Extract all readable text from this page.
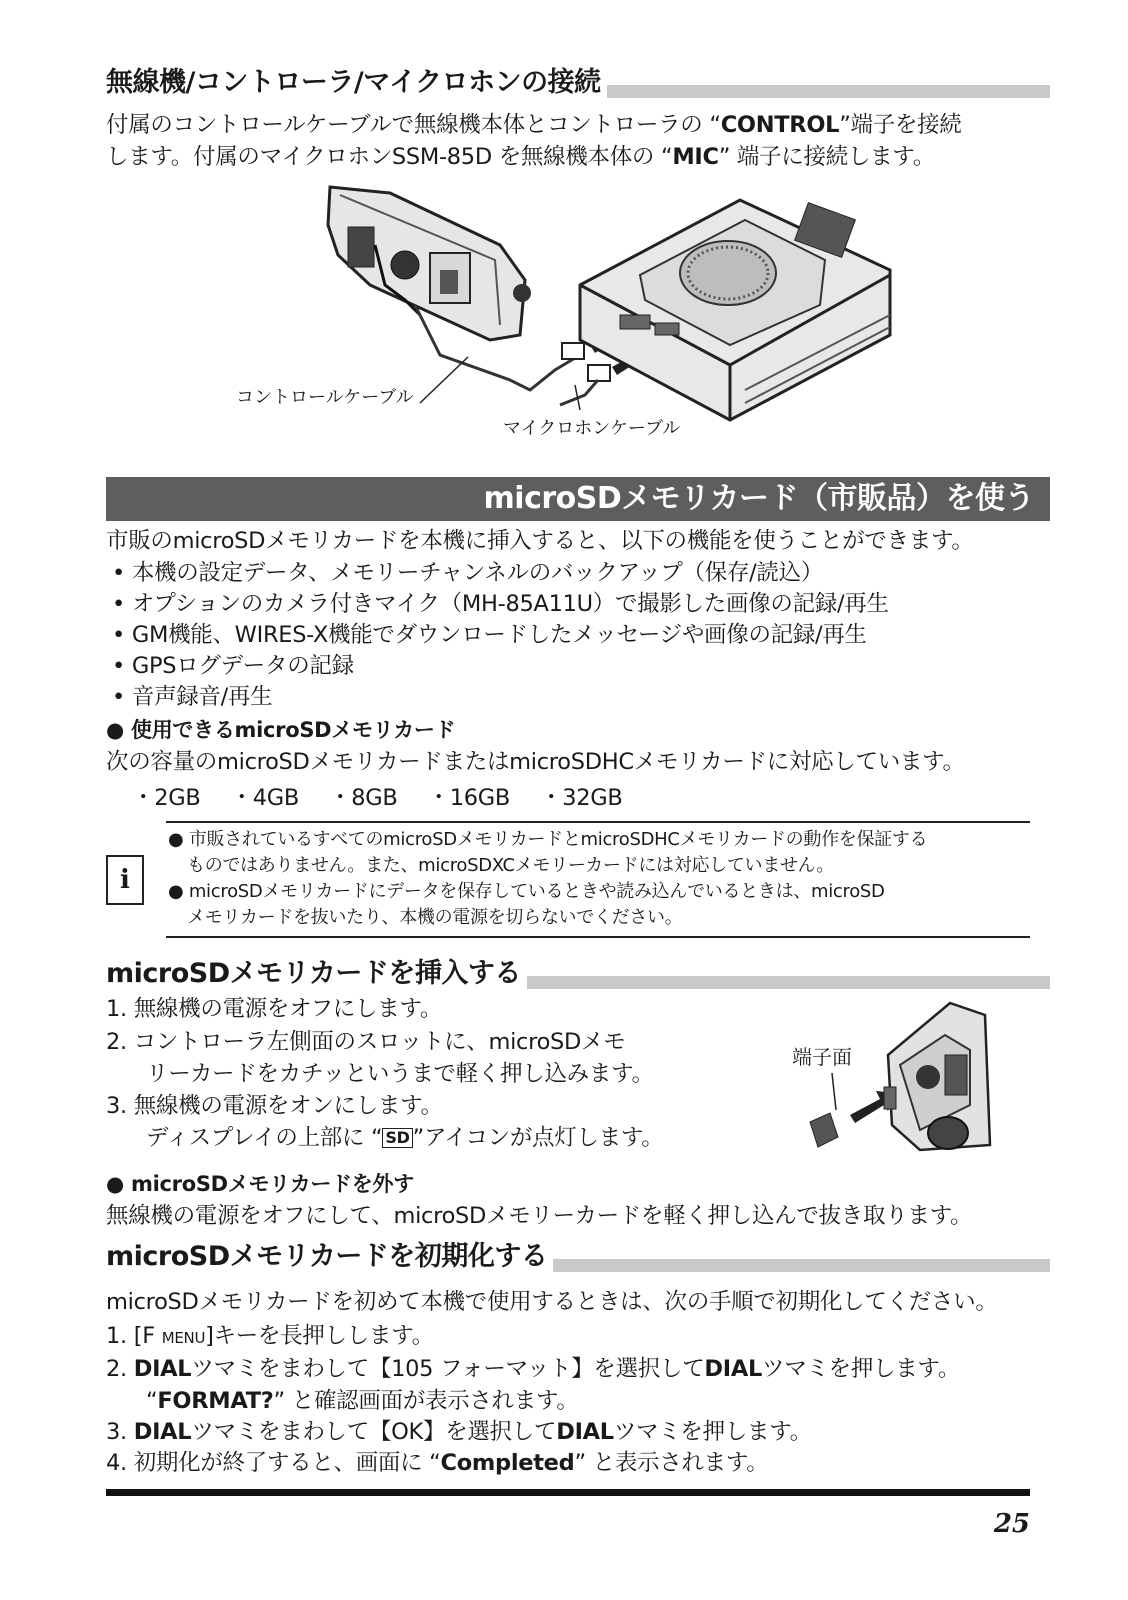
無線機/コントローラ/マイクロホンの接続
付属のコントロールケーブルで無線機本体とコントローラの “CONTROL”端子を接続
します。付属のマイクロホンSSM-85D を無線機本体の “MIC” 端子に接続します。
コントロールケーブル
マイクロホンケーブル
microSDメモリカード（市販品）を使う
市販のmicroSDメモリカードを本機に挿入すると、以下の機能を使うことができます。
• 本機の設定データ、メモリーチャンネルのバックアップ（保存/読込）
• オプションのカメラ付きマイク（MH-85A11U）で撮影した画像の記録/再生
• GM機能、WIRES-X機能でダウンロードしたメッセージや画像の記録/再生
• GPSログデータの記録
• 音声録音/再生
● 使用できるmicroSDメモリカード
次の容量のmicroSDメモリカードまたはmicroSDHCメモリカードに対応しています。
・2GB ・4GB ・8GB ・16GB ・32GB
i
● 市販されているすべてのmicroSDメモリカードとmicroSDHCメモリカードの動作を保証する
ものではありません。また、microSDXCメモリーカードには対応していません。
● microSDメモリカードにデータを保存しているときや読み込んでいるときは、microSD
メモリカードを抜いたり、本機の電源を切らないでください。
microSDメモリカードを挿入する
1. 無線機の電源をオフにします。
2. コントローラ左側面のスロットに、microSDメモ
リーカードをカチッというまで軽く押し込みます。
3. 無線機の電源をオンにします。
ディスプレイの上部に “ SD ”アイコンが点灯します。
端子面
● microSDメモリカードを外す
無線機の電源をオフにして、microSDメモリーカードを軽く押し込んで抜き取ります。
microSDメモリカードを初期化する
microSDメモリカードを初めて本機で使用するときは、次の手順で初期化してください。
1. [F MENU]キーを長押しします。
2. DIALツマミをまわして【105 フォーマット】を選択してDIALツマミを押します。
“FORMAT?” と確認画面が表示されます。
3. DIALツマミをまわして【OK】を選択してDIALツマミを押します。
4. 初期化が終了すると、画面に “Completed” と表示されます。
25
